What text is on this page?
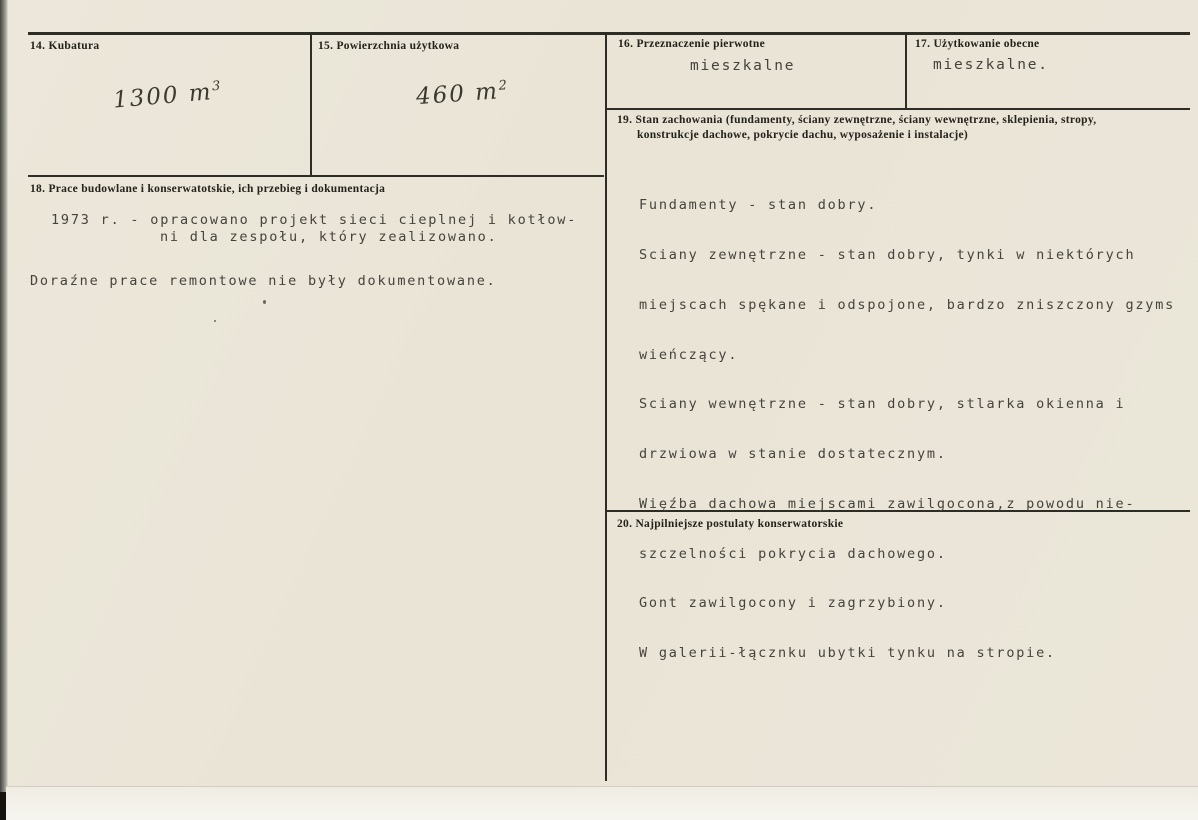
14. Kubatura
1300 $m^3$
15. Powierzchnia użytkowa
460 $m^2$
16. Przeznaczenie pierwotne
mieszkalne
17. Użytkowanie obecne
mieszkalne.
18. Prace budowlane i konserwatotskie, ich przebieg i dokumentacja
1973 r. - opracowano projekt sieci cieplnej i kotłow-
ni dla zespołu, który zealizowano.
Doraźne prace remontowe nie były dokumentowane.
19. Stan zachowania (fundamenty, ściany zewnętrzne, ściany wewnętrzne, sklepienia, stropy,
konstrukcje dachowe, pokrycie dachu, wyposażenie i instalacje)

Fundamenty - stan dobry.

Sciany zewnętrzne - stan dobry, tynki w niektórych

miejscach spękane i odspojone, bardzo zniszczony gzyms

wieńczący.

Sciany wewnętrzne - stan dobry, stlarka okienna i

drzwiowa w stanie dostatecznym.

Więźba dachowa miejscami zawilgocona,z powodu nie-

szczelności pokrycia dachowego.

Gont zawilgocony i zagrzybiony.

W galerii-łącznku ubytki tynku na stropie.

20. Najpilniejsze postulaty konserwatorskie
